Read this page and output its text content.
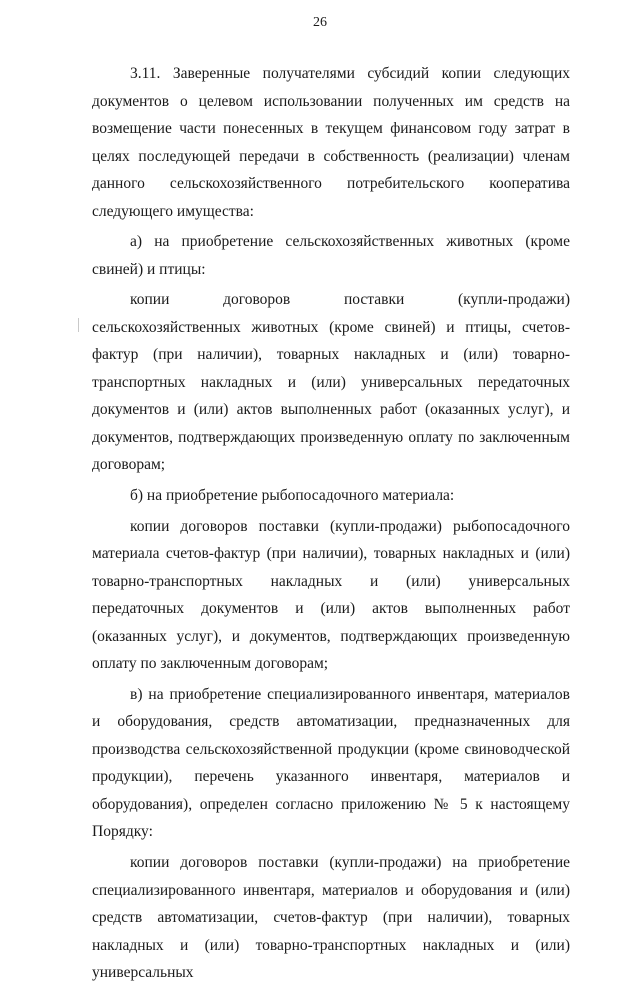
26

3.11. Заверенные получателями субсидий копии следующих документов о целевом использовании полученных им средств на возмещение части понесенных в текущем финансовом году затрат в целях последующей передачи в собственность (реализации) членам данного сельскохозяйственного потребительского кооператива следующего имущества:

а) на приобретение сельскохозяйственных животных (кроме свиней) и птицы:

копии договоров поставки (купли-продажи) сельскохозяйственных животных (кроме свиней) и птицы, счетов-фактур (при наличии), товарных накладных и (или) товарно-транспортных накладных и (или) универсальных передаточных документов и (или) актов выполненных работ (оказанных услуг), и документов, подтверждающих произведенную оплату по заключенным договорам;

б) на приобретение рыбопосадочного материала:

копии договоров поставки (купли-продажи) рыбопосадочного материала счетов-фактур (при наличии), товарных накладных и (или) товарно-транспортных накладных и (или) универсальных передаточных документов и (или) актов выполненных работ (оказанных услуг), и документов, подтверждающих произведенную оплату по заключенным договорам;

в) на приобретение специализированного инвентаря, материалов и оборудования, средств автоматизации, предназначенных для производства сельскохозяйственной продукции (кроме свиноводческой продукции), перечень указанного инвентаря, материалов и оборудования), определен согласно приложению № 5 к настоящему Порядку:

копии договоров поставки (купли-продажи) на приобретение специализированного инвентаря, материалов и оборудования и (или) средств автоматизации, счетов-фактур (при наличии), товарных накладных и (или) товарно-транспортных накладных и (или) универсальных
